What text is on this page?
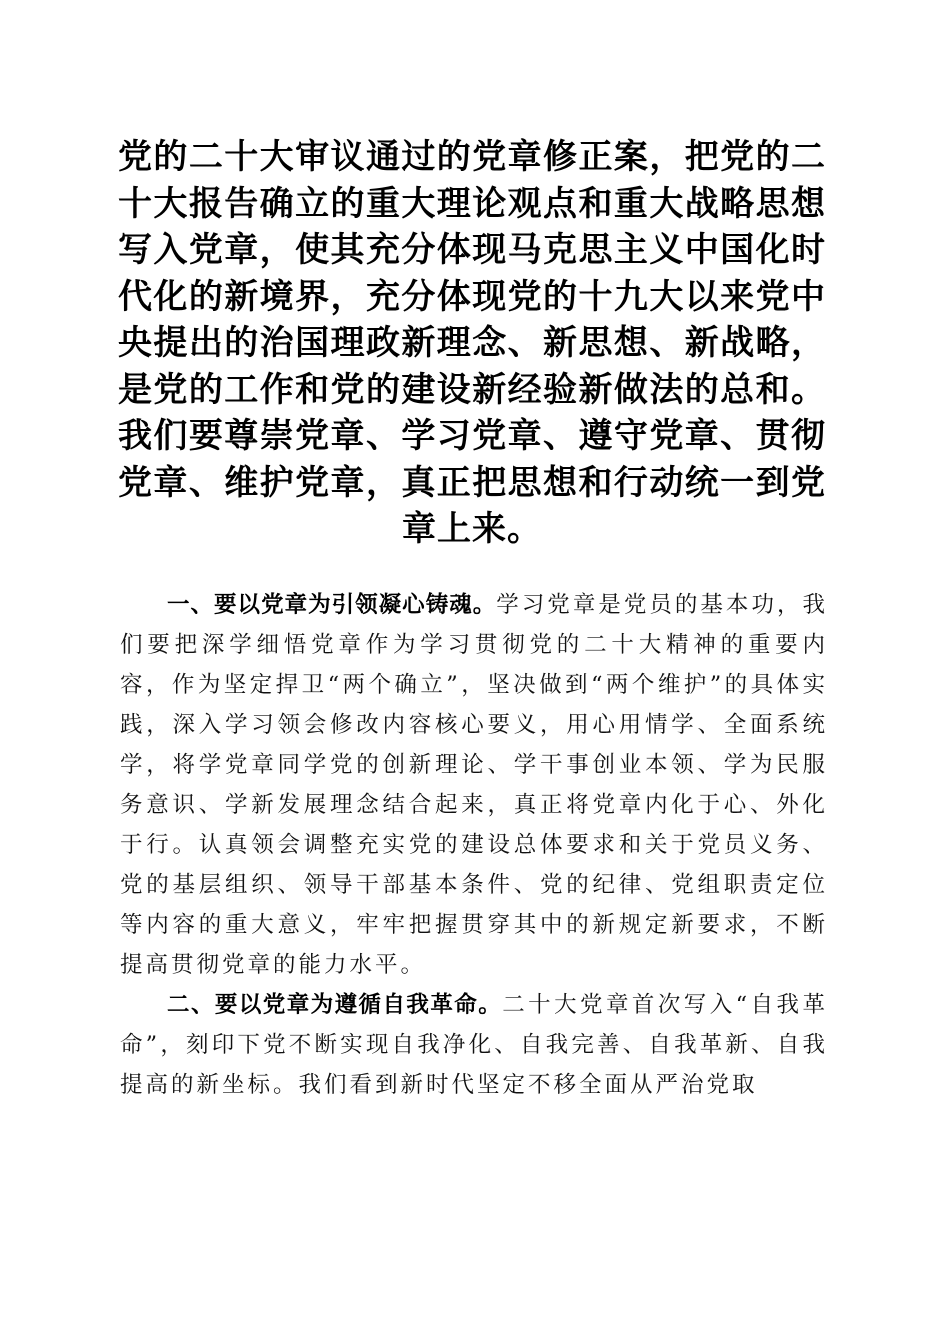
党的二十大审议通过的党章修正案，把党的二十大报告确立的重大理论观点和重大战略思想写入党章，使其充分体现马克思主义中国化时代化的新境界，充分体现党的十九大以来党中央提出的治国理政新理念、新思想、新战略，是党的工作和党的建设新经验新做法的总和。我们要尊崇党章、学习党章、遵守党章、贯彻党章、维护党章，真正把思想和行动统一到党章上来。

一、要以党章为引领凝心铸魂。学习党章是党员的基本功，我们要把深学细悟党章作为学习贯彻党的二十大精神的重要内容，作为坚定捍卫“两个确立”，坚决做到“两个维护”的具体实践，深入学习领会修改内容核心要义，用心用情学、全面系统学，将学党章同学党的创新理论、学干事创业本领、学为民服务意识、学新发展理念结合起来，真正将党章内化于心、外化于行。认真领会调整充实党的建设总体要求和关于党员义务、党的基层组织、领导干部基本条件、党的纪律、党组职责定位等内容的重大意义，牢牢把握贯穿其中的新规定新要求，不断提高贯彻党章的能力水平。

二、要以党章为遵循自我革命。二十大党章首次写入“自我革命”，刻印下党不断实现自我净化、自我完善、自我革新、自我提高的新坐标。我们看到新时代坚定不移全面从严治党取
